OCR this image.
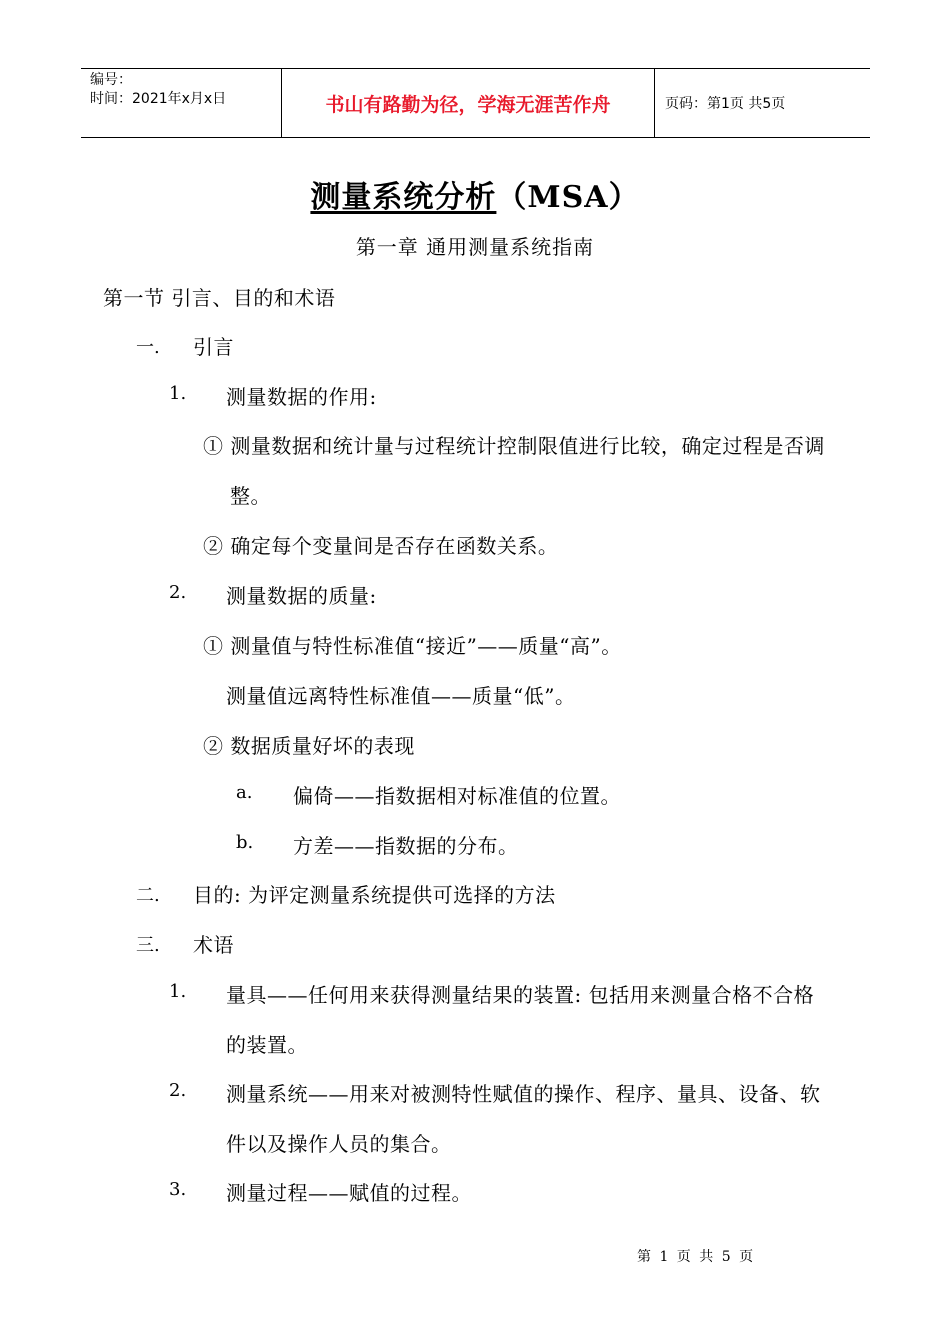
编号：
时间：2021年x月x日	书山有路勤为径，学海无涯苦作舟	页码：第1页 共5页
测量系统分析（MSA）
第一章 通用测量系统指南
第一节 引言、目的和术语
一. 引言
1. 测量数据的作用:
① 测量数据和统计量与过程统计控制限值进行比较，确定过程是否调
整。
② 确定每个变量间是否存在函数关系。
2. 测量数据的质量:
① 测量值与特性标准值“接近”——质量“高”。
测量值远离特性标准值——质量“低”。
② 数据质量好坏的表现
a. 偏倚——指数据相对标准值的位置。
b. 方差——指数据的分布。
二. 目的: 为评定测量系统提供可选择的方法
三. 术语
1. 量具——任何用来获得测量结果的装置: 包括用来测量合格不合格
的装置。
2. 测量系统——用来对被测特性赋值的操作、程序、量具、设备、软
件以及操作人员的集合。
3. 测量过程——赋值的过程。
第 1 页 共 5 页
